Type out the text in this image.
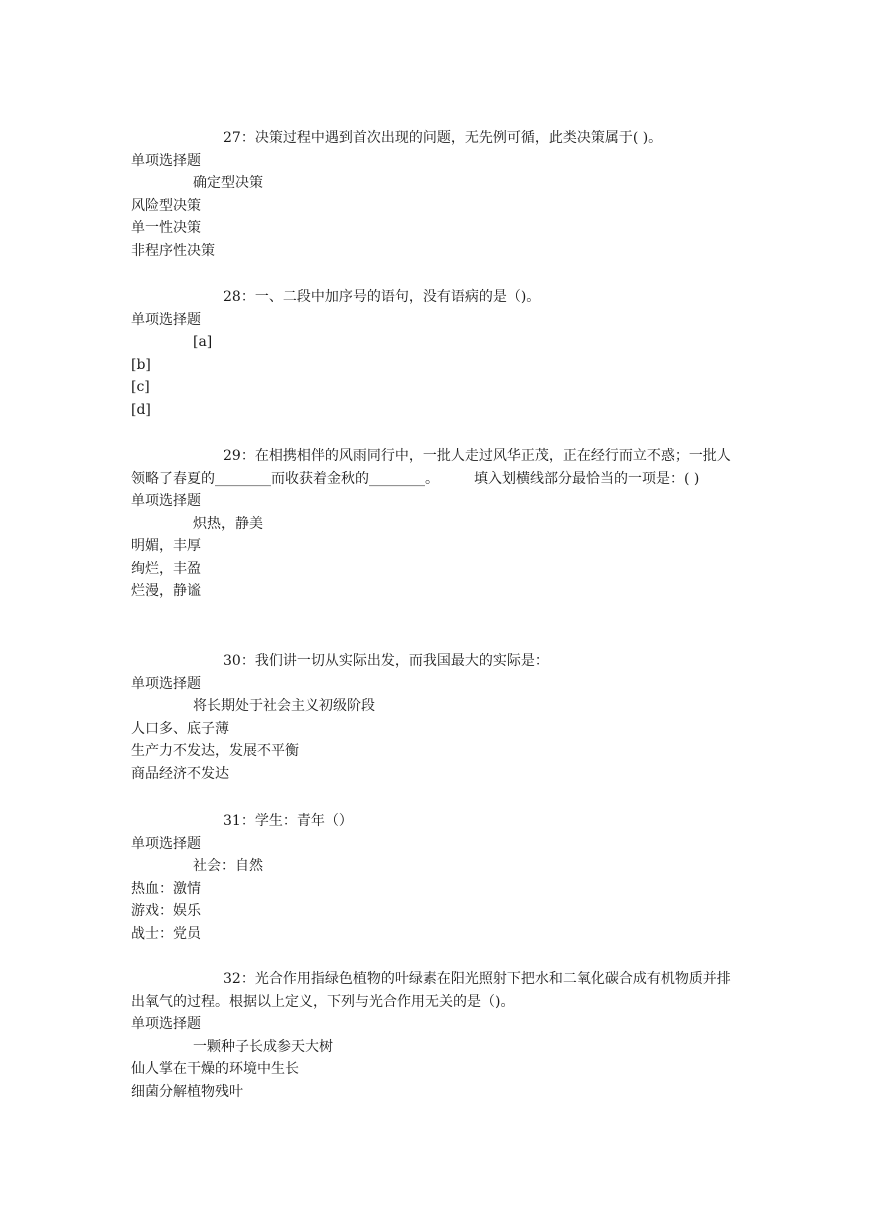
27：决策过程中遇到首次出现的问题，无先例可循，此类决策属于( )。

单项选择题

确定型决策

风险型决策

单一性决策

非程序性决策

28：一、二段中加序号的语句，没有语病的是（)。

单项选择题

[a]

[b]

[c]

[d]

29：在相携相伴的风雨同行中，一批人走过风华正茂，正在经行而立不惑；一批人领略了春夏的________而收获着金秋的________。　　　填入划横线部分最恰当的一项是：( )

单项选择题

炽热，静美

明媚，丰厚

绚烂，丰盈

烂漫，静谧

30：我们讲一切从实际出发，而我国最大的实际是：

单项选择题

将长期处于社会主义初级阶段

人口多、底子薄

生产力不发达，发展不平衡

商品经济不发达

31：学生：青年（）

单项选择题

社会：自然

热血：激情

游戏：娱乐

战士：党员

32：光合作用指绿色植物的叶绿素在阳光照射下把水和二氧化碳合成有机物质并排出氧气的过程。根据以上定义，下列与光合作用无关的是（)。

单项选择题

一颗种子长成参天大树

仙人掌在干燥的环境中生长

细菌分解植物残叶
